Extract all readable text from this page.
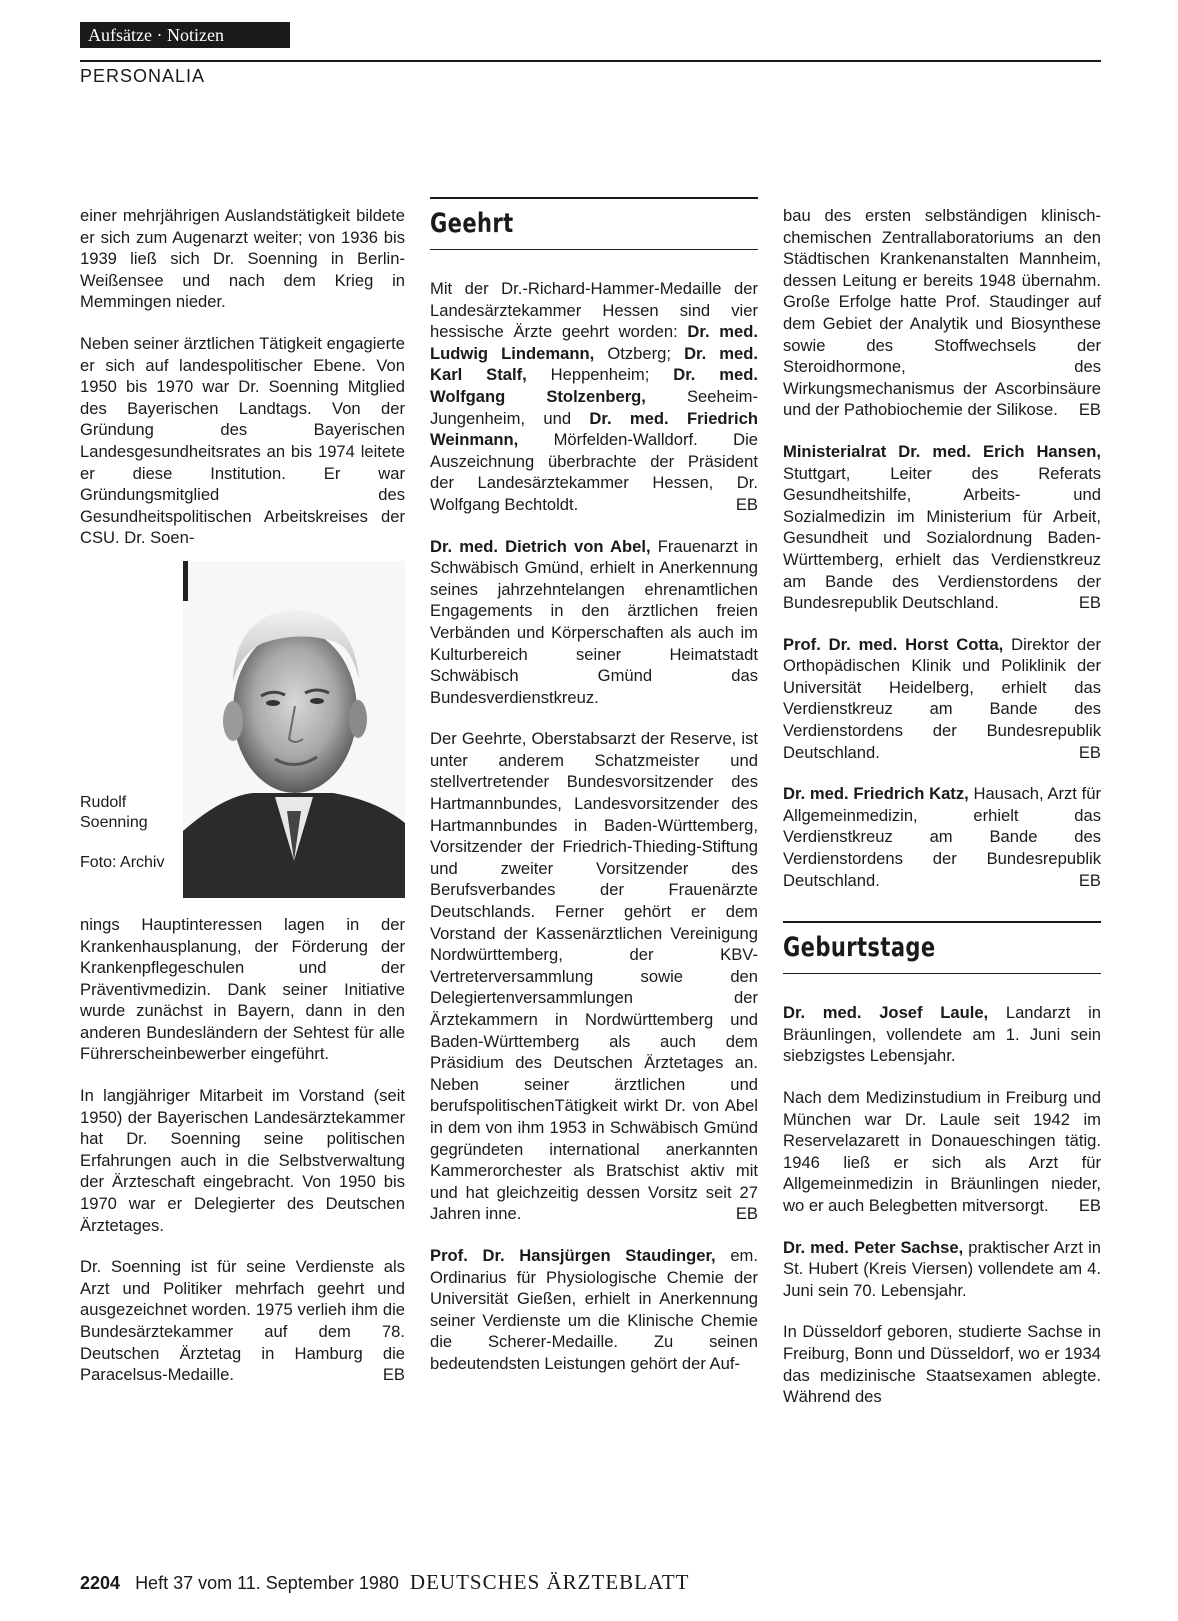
Aufsätze · Notizen
PERSONALIA

einer mehrjährigen Auslandstätigkeit bildete er sich zum Augenarzt weiter; von 1936 bis 1939 ließ sich Dr. Soenning in Berlin-Weißensee und nach dem Krieg in Memmingen nieder.

Neben seiner ärztlichen Tätigkeit engagierte er sich auf landespolitischer Ebene. Von 1950 bis 1970 war Dr. Soenning Mitglied des Bayerischen Landtags. Von der Gründung des Bayerischen Landesgesundheitsrates an bis 1974 leitete er diese Institution. Er war Gründungsmitglied des Gesundheitspolitischen Arbeitskreises der CSU. Dr. Soen-

Rudolf Soenning
Foto: Archiv

nings Hauptinteressen lagen in der Krankenhausplanung, der Förderung der Krankenpflegeschulen und der Präventivmedizin. Dank seiner Initiative wurde zunächst in Bayern, dann in den anderen Bundesländern der Sehtest für alle Führerscheinbewerber eingeführt.

In langjähriger Mitarbeit im Vorstand (seit 1950) der Bayerischen Landesärztekammer hat Dr. Soenning seine politischen Erfahrungen auch in die Selbstverwaltung der Ärzteschaft eingebracht. Von 1950 bis 1970 war er Delegierter des Deutschen Ärztetages.

Dr. Soenning ist für seine Verdienste als Arzt und Politiker mehrfach geehrt und ausgezeichnet worden. 1975 verlieh ihm die Bundesärztekammer auf dem 78. Deutschen Ärztetag in Hamburg die Paracelsus-Medaille.	EB

Geehrt

Mit der Dr.-Richard-Hammer-Medaille der Landesärztekammer Hessen sind vier hessische Ärzte geehrt worden: Dr. med. Ludwig Lindemann, Otzberg; Dr. med. Karl Stalf, Heppenheim; Dr. med. Wolfgang Stolzenberg, Seeheim-Jungenheim, und Dr. med. Friedrich Weinmann, Mörfelden-Walldorf. Die Auszeichnung überbrachte der Präsident der Landesärztekammer Hessen, Dr. Wolfgang Bechtoldt.	EB

Dr. med. Dietrich von Abel, Frauenarzt in Schwäbisch Gmünd, erhielt in Anerkennung seines jahrzehntelangen ehrenamtlichen Engagements in den ärztlichen freien Verbänden und Körperschaften als auch im Kulturbereich seiner Heimatstadt Schwäbisch Gmünd das Bundesverdienstkreuz.

Der Geehrte, Oberstabsarzt der Reserve, ist unter anderem Schatzmeister und stellvertretender Bundesvorsitzender des Hartmannbundes, Landesvorsitzender des Hartmannbundes in Baden-Württemberg, Vorsitzender der Friedrich-Thieding-Stiftung und zweiter Vorsitzender des Berufsverbandes der Frauenärzte Deutschlands. Ferner gehört er dem Vorstand der Kassenärztlichen Vereinigung Nordwürttemberg, der KBV-Vertreterversammlung sowie den Delegiertenversammlungen der Ärztekammern in Nordwürttemberg und Baden-Württemberg als auch dem Präsidium des Deutschen Ärztetages an. Neben seiner ärztlichen und berufspolitischenTätigkeit wirkt Dr. von Abel in dem von ihm 1953 in Schwäbisch Gmünd gegründeten international anerkannten Kammerorchester als Bratschist aktiv mit und hat gleichzeitig dessen Vorsitz seit 27 Jahren inne.	EB

Prof. Dr. Hansjürgen Staudinger, em. Ordinarius für Physiologische Chemie der Universität Gießen, erhielt in Anerkennung seiner Verdienste um die Klinische Chemie die Scherer-Medaille. Zu seinen bedeutendsten Leistungen gehört der Auf-

bau des ersten selbständigen klinisch-chemischen Zentrallaboratoriums an den Städtischen Krankenanstalten Mannheim, dessen Leitung er bereits 1948 übernahm. Große Erfolge hatte Prof. Staudinger auf dem Gebiet der Analytik und Biosynthese sowie des Stoffwechsels der Steroidhormone, des Wirkungsmechanismus der Ascorbinsäure und der Pathobiochemie der Silikose. EB

Ministerialrat Dr. med. Erich Hansen, Stuttgart, Leiter des Referats Gesundheitshilfe, Arbeits- und Sozialmedizin im Ministerium für Arbeit, Gesundheit und Sozialordnung Baden-Württemberg, erhielt das Verdienstkreuz am Bande des Verdienstordens der Bundesrepublik Deutschland.	EB

Prof. Dr. med. Horst Cotta, Direktor der Orthopädischen Klinik und Poliklinik der Universität Heidelberg, erhielt das Verdienstkreuz am Bande des Verdienstordens der Bundesrepublik Deutschland.	EB

Dr. med. Friedrich Katz, Hausach, Arzt für Allgemeinmedizin, erhielt das Verdienstkreuz am Bande des Verdienstordens der Bundesrepublik Deutschland.	EB

Geburtstage

Dr. med. Josef Laule, Landarzt in Bräunlingen, vollendete am 1. Juni sein siebzigstes Lebensjahr.

Nach dem Medizinstudium in Freiburg und München war Dr. Laule seit 1942 im Reservelazarett in Donaueschingen tätig. 1946 ließ er sich als Arzt für Allgemeinmedizin in Bräunlingen nieder, wo er auch Belegbetten mitversorgt. EB

Dr. med. Peter Sachse, praktischer Arzt in St. Hubert (Kreis Viersen) vollendete am 4. Juni sein 70. Lebensjahr.

In Düsseldorf geboren, studierte Sachse in Freiburg, Bonn und Düsseldorf, wo er 1934 das medizinische Staatsexamen ablegte. Während des

2204 Heft 37 vom 11. September 1980 DEUTSCHES ÄRZTEBLATT
